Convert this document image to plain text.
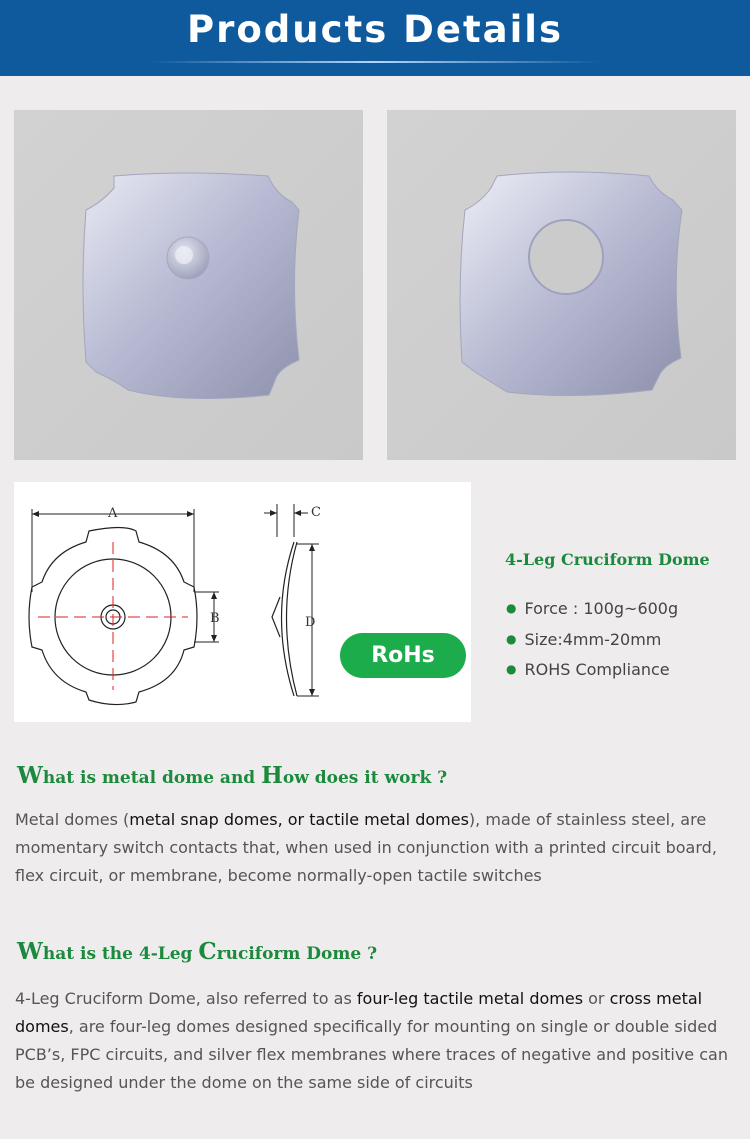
Products Details
A
B
C
D
RoHs
4-Leg Cruciform Dome
● Force : 100g~600g
● Size:4mm-20mm
● ROHS Compliance
What is metal dome and How does it work ?
Metal domes (metal snap domes, or tactile metal domes), made of stainless steel, are momentary switch contacts that, when used in conjunction with a printed circuit board, flex circuit, or membrane, become normally-open tactile switches
What is the 4-Leg Cruciform Dome ?
4-Leg Cruciform Dome, also referred to as four-leg tactile metal domes or cross metal domes, are four-leg domes designed specifically for mounting on single or double sided PCB’s, FPC circuits, and silver flex membranes where traces of negative and positive can be designed under the dome on the same side of circuits
